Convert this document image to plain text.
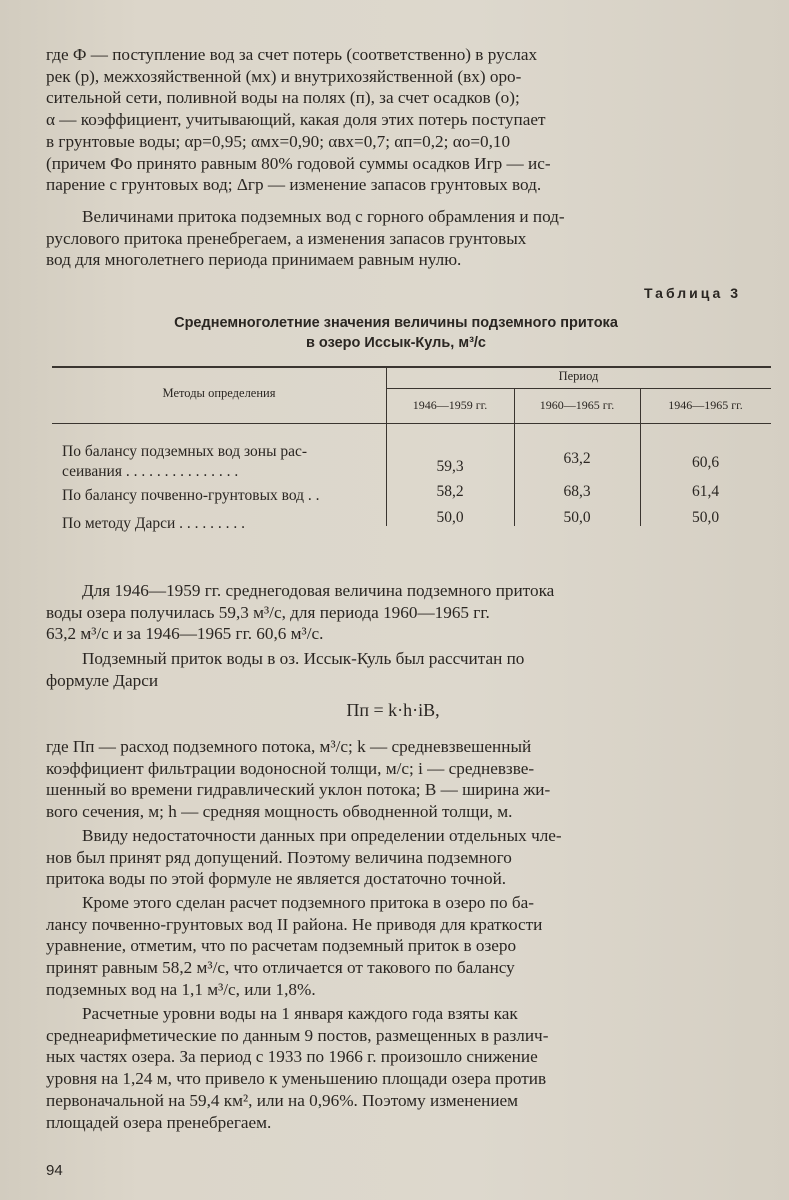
где Ф — поступление вод за счет потерь (соответственно) в руслах

рек (р), межхозяйственной (мх) и внутрихозяйственной (вх) оро-

сительной сети, поливной воды на полях (п), за счет осадков (о);

α — коэффициент, учитывающий, какая доля этих потерь поступает

в грунтовые воды; αр=0,95; αмх=0,90; αвх=0,7; αп=0,2; αо=0,10

(причем Фо принято равным 80% годовой суммы осадков Игр — ис-

парение с грунтовых вод; Δгр — изменение запасов грунтовых вод.

Величинами притока подземных вод с горного обрамления и под-

руслового притока пренебрегаем, а изменения запасов грунтовых

вод для многолетнего периода принимаем равным нулю.

Таблица 3
Среднемноголетние значения величины подземного притока
в озеро Иссык-Куль, м³/с
Методы определения
Период
1946—1959 гг.	1960—1965 гг.	1946—1965 гг.
По балансу подземных вод зоны рас-
сеивания . . . . . . . . . . . . . . .	59,3	63,2	60,6
По балансу почвенно-грунтовых вод . .	58,2	68,3	61,4
По методу Дарси . . . . . . . . .	50,0	50,0	50,0

Для 1946—1959 гг. среднегодовая величина подземного притока

воды озера получилась 59,3 м³/с, для периода 1960—1965 гг.

63,2 м³/с и за 1946—1965 гг. 60,6 м³/с.

Подземный приток воды в оз. Иссык-Куль был рассчитан по

формуле Дарси

Пп = k·h·iB,

где Пп — расход подземного потока, м³/с; k — средневзвешенный

коэффициент фильтрации водоносной толщи, м/с; i — средневзве-

шенный во времени гидравлический уклон потока; B — ширина жи-

вого сечения, м; h — средняя мощность обводненной толщи, м.

Ввиду недостаточности данных при определении отдельных чле-

нов был принят ряд допущений. Поэтому величина подземного

притока воды по этой формуле не является достаточно точной.

Кроме этого сделан расчет подземного притока в озеро по ба-

лансу почвенно-грунтовых вод II района. Не приводя для краткости

уравнение, отметим, что по расчетам подземный приток в озеро

принят равным 58,2 м³/с, что отличается от такового по балансу

подземных вод на 1,1 м³/с, или 1,8%.

Расчетные уровни воды на 1 января каждого года взяты как

среднеарифметические по данным 9 постов, размещенных в различ-

ных частях озера. За период с 1933 по 1966 г. произошло снижение

уровня на 1,24 м, что привело к уменьшению площади озера против

первоначальной на 59,4 км², или на 0,96%. Поэтому изменением

площадей озера пренебрегаем.

94
